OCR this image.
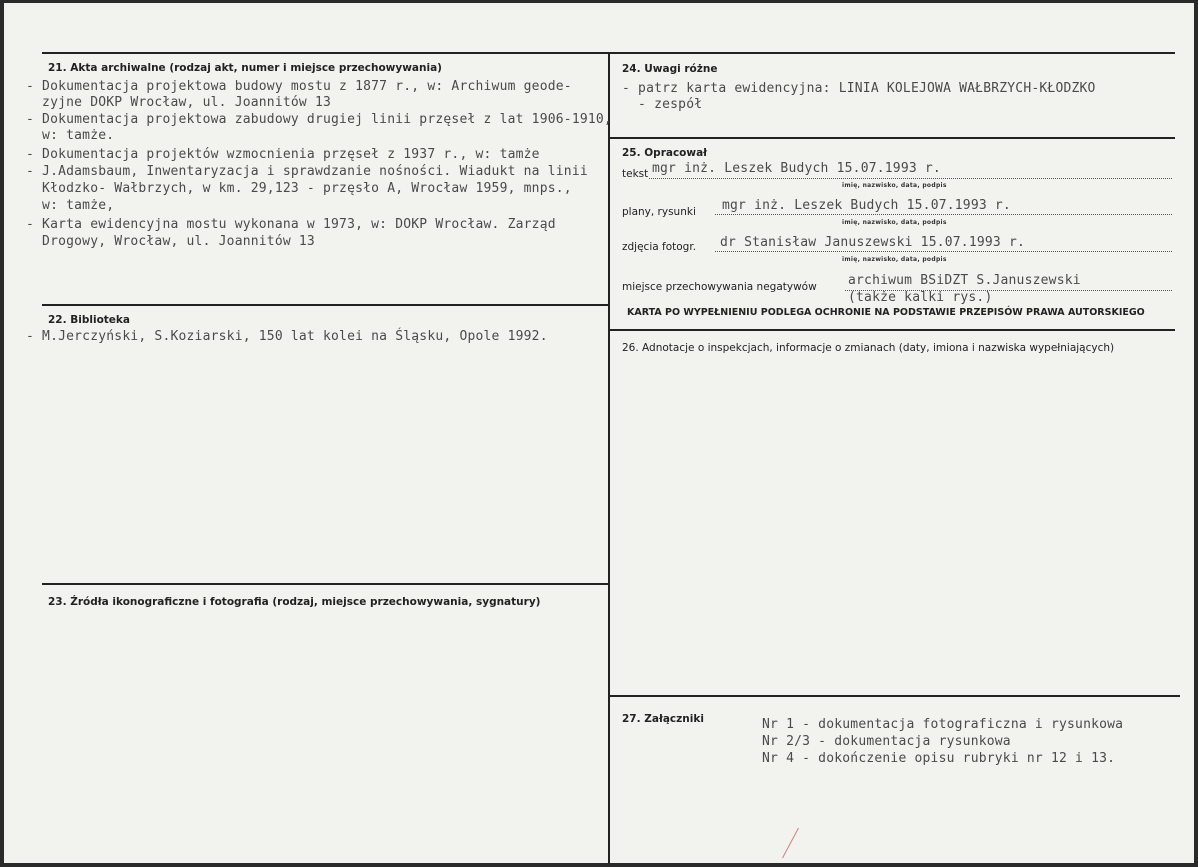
21. Akta archiwalne (rodzaj akt, numer i miejsce przechowywania)
- Dokumentacja projektowa budowy mostu z 1877 r., w: Archiwum geode-
zyjne DOKP Wrocław, ul. Joannitów 13
- Dokumentacja projektowa zabudowy drugiej linii przęseł z lat 1906-1910,
w: tamże.
- Dokumentacja projektów wzmocnienia przęseł z 1937 r., w: tamże
- J.Adamsbaum, Inwentaryzacja i sprawdzanie nośności. Wiadukt na linii
Kłodzko- Wałbrzych, w km. 29,123 - przęsło A, Wrocław 1959, mnps.,
w: tamże,
- Karta ewidencyjna mostu wykonana w 1973, w: DOKP Wrocław. Zarząd
Drogowy, Wrocław, ul. Joannitów 13
22. Biblioteka
- M.Jerczyński, S.Koziarski, 150 lat kolei na Śląsku, Opole 1992.
23. Źródła ikonograficzne i fotografia (rodzaj, miejsce przechowywania, sygnatury)
24. Uwagi różne
- patrz karta ewidencyjna: LINIA KOLEJOWA WAŁBRZYCH-KŁODZKO
- zespół
25. Opracował
tekst mgr inż. Leszek Budych 15.07.1993 r.
imię, nazwisko, data, podpis
plany, rysunki mgr inż. Leszek Budych 15.07.1993 r.
imię, nazwisko, data, podpis
zdjęcia fotogr. dr Stanisław Januszewski 15.07.1993 r.
imię, nazwisko, data, podpis
miejsce przechowywania negatywów archiwum BSiDZT S.Januszewski
(także kalki rys.)
KARTA PO WYPEŁNIENIU PODLEGA OCHRONIE NA PODSTAWIE PRZEPISÓW PRAWA AUTORSKIEGO
26. Adnotacje o inspekcjach, informacje o zmianach (daty, imiona i nazwiska wypełniających)
27. Załączniki	Nr 1 - dokumentacja fotograficzna i rysunkowa
Nr 2/3 - dokumentacja rysunkowa
Nr 4 - dokończenie opisu rubryki nr 12 i 13.
